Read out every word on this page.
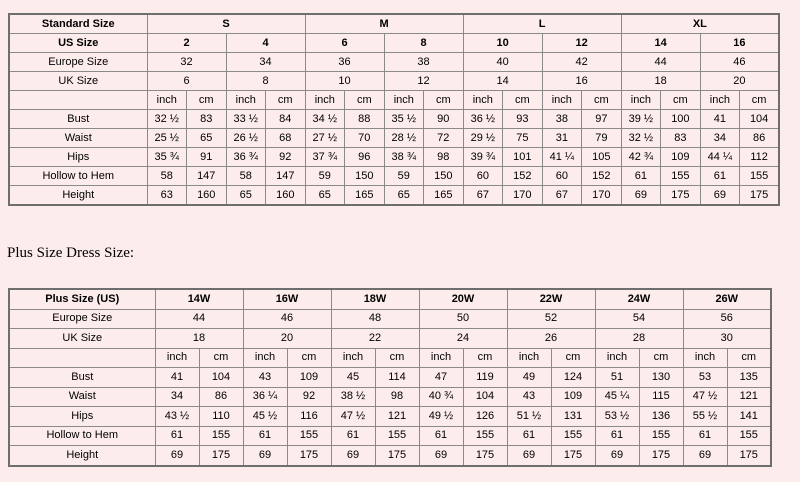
Standard Size	S				M				L				XL			
US Size	2		4		6		8		10		12		14		16	
Europe Size	32		34		36		38		40		42		44		46	
UK Size	6		8		10		12		14		16		18		20	
	inch	cm	inch	cm	inch	cm	inch	cm	inch	cm	inch	cm	inch	cm	inch	cm
Bust	32 ½	83	33 ½	84	34 ½	88	35 ½	90	36 ½	93	38	97	39 ½	100	41	104
Waist	25 ½	65	26 ½	68	27 ½	70	28 ½	72	29 ½	75	31	79	32 ½	83	34	86
Hips	35 ¾	91	36 ¾	92	37 ¾	96	38 ¾	98	39 ¾	101	41 ¼	105	42 ¾	109	44 ¼	112
Hollow to Hem	58	147	58	147	59	150	59	150	60	152	60	152	61	155	61	155
Height	63	160	65	160	65	165	65	165	67	170	67	170	69	175	69	175
Plus Size Dress Size:
Plus Size (US)	14W		16W		18W		20W		22W		24W		26W	
Europe Size	44		46		48		50		52		54		56	
UK Size	18		20		22		24		26		28		30	
	inch	cm	inch	cm	inch	cm	inch	cm	inch	cm	inch	cm	inch	cm
Bust	41	104	43	109	45	114	47	119	49	124	51	130	53	135
Waist	34	86	36 ¼	92	38 ½	98	40 ¾	104	43	109	45 ¼	115	47 ½	121
Hips	43 ½	110	45 ½	116	47 ½	121	49 ½	126	51 ½	131	53 ½	136	55 ½	141
Hollow to Hem	61	155	61	155	61	155	61	155	61	155	61	155	61	155
Height	69	175	69	175	69	175	69	175	69	175	69	175	69	175
